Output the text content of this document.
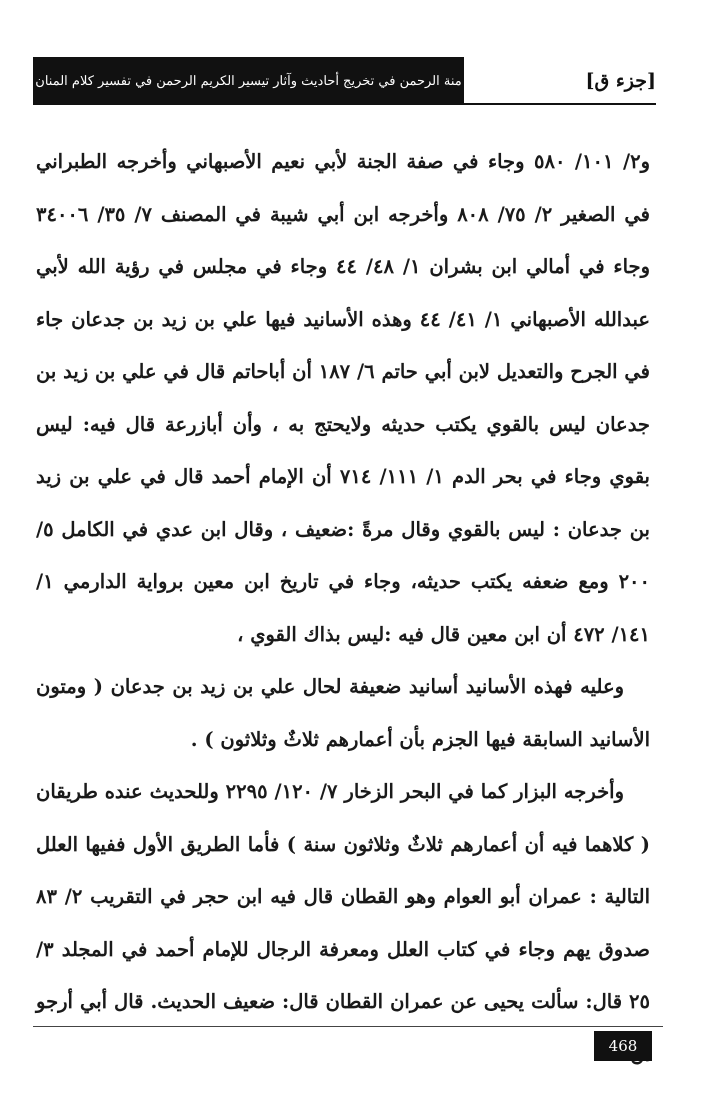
منة الرحمن في تخريج أحاديث وآثار تيسير الكريم الرحمن في تفسير كلام المنان	[جزء ق]

و٢/ ١٠١/ ٥٨٠ وجاء في صفة الجنة لأبي نعيم الأصبهاني وأخرجه الطبراني في الصغير ٢/ ٧٥/ ٨٠٨ وأخرجه ابن أبي شيبة في المصنف ٧/ ٣٥/ ٣٤٠٠٦ وجاء في أمالي ابن بشران ١/ ٤٨/ ٤٤ وجاء في مجلس في رؤية الله لأبي عبدالله الأصبهاني ١/ ٤١/ ٤٤ وهذه الأسانيد فيها علي بن زيد بن جدعان جاء في الجرح والتعديل لابن أبي حاتم ٦/ ١٨٧ أن أباحاتم قال في علي بن زيد بن جدعان ليس بالقوي يكتب حديثه ولايحتج به ، وأن أبازرعة قال فيه: ليس بقوي وجاء في بحر الدم ١/ ١١١/ ٧١٤ أن الإمام أحمد قال في علي بن زيد بن جدعان : ليس بالقوي وقال مرةً :ضعيف ، وقال ابن عدي في الكامل ٥/ ٢٠٠ ومع ضعفه يكتب حديثه، وجاء في تاريخ ابن معين برواية الدارمي ١/ ١٤١/ ٤٧٢ أن ابن معين قال فيه :ليس بذاك القوي ،

وعليه فهذه الأسانيد أسانيد ضعيفة لحال علي بن زيد بن جدعان ( ومتون الأسانيد السابقة فيها الجزم بأن أعمارهم ثلاثٌ وثلاثون ) .

وأخرجه البزار كما في البحر الزخار ٧/ ١٢٠/ ٢٢٩٥ وللحديث عنده طريقان ( كلاهما فيه أن أعمارهم ثلاثٌ وثلاثون سنة ) فأما الطريق الأول ففيها العلل التالية : عمران أبو العوام وهو القطان قال فيه ابن حجر في التقريب ٢/ ٨٣ صدوق يهم وجاء في كتاب العلل ومعرفة الرجال للإمام أحمد في المجلد ٣/ ٢٥ قال: سألت يحيى عن عمران القطان قال: ضعيف الحديث. قال أبي أرجو

468
